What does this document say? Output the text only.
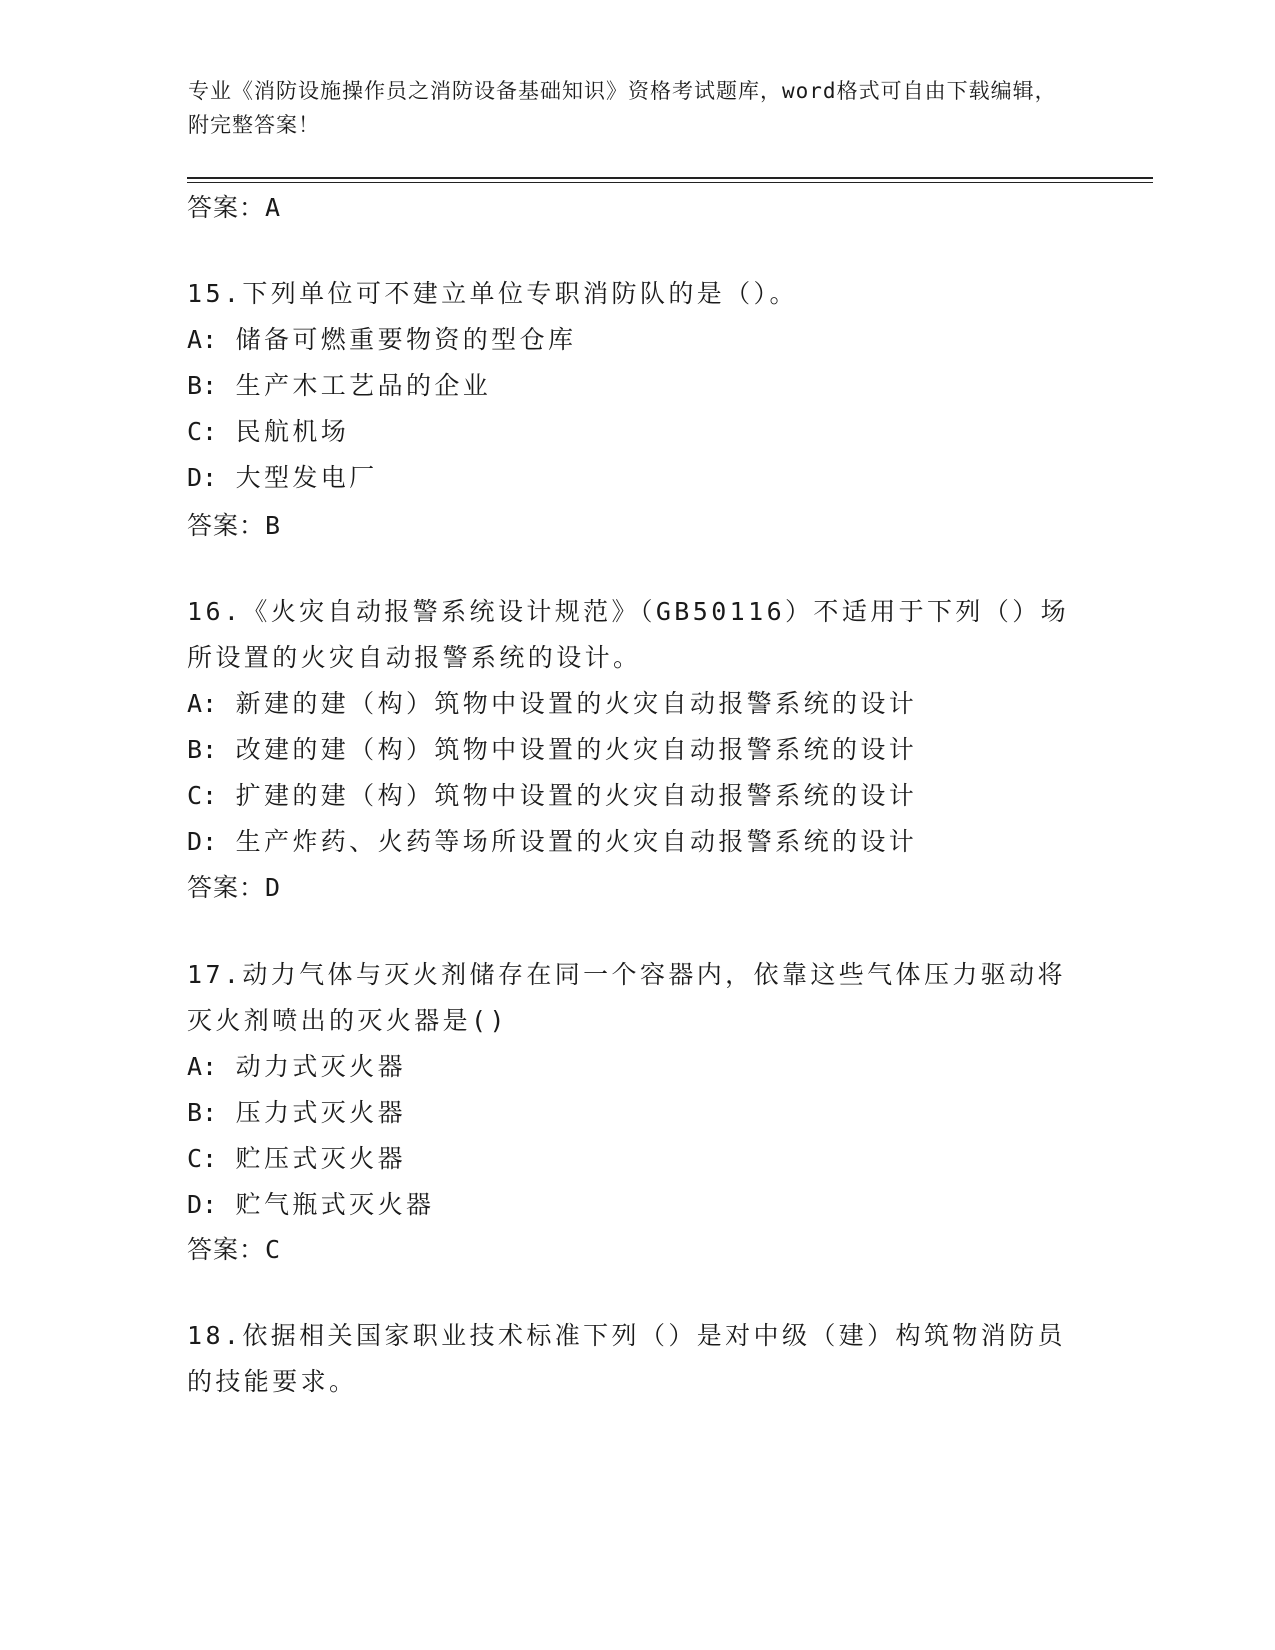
专业《消防设施操作员之消防设备基础知识》资格考试题库，word格式可自由下载编辑，附完整答案！
答案：A

15.下列单位可不建立单位专职消防队的是（）。

A: 储备可燃重要物资的型仓库

B: 生产木工艺品的企业

C: 民航机场

D: 大型发电厂

答案：B

16.《火灾自动报警系统设计规范》（GB50116）不适用于下列（）场所设置的火灾自动报警系统的设计。

A: 新建的建（构）筑物中设置的火灾自动报警系统的设计

B: 改建的建（构）筑物中设置的火灾自动报警系统的设计

C: 扩建的建（构）筑物中设置的火灾自动报警系统的设计

D: 生产炸药、火药等场所设置的火灾自动报警系统的设计

答案：D

17.动力气体与灭火剂储存在同一个容器内，依靠这些气体压力驱动将灭火剂喷出的灭火器是()

A: 动力式灭火器

B: 压力式灭火器

C: 贮压式灭火器

D: 贮气瓶式灭火器

答案：C

18.依据相关国家职业技术标准下列（）是对中级（建）构筑物消防员的技能要求。
